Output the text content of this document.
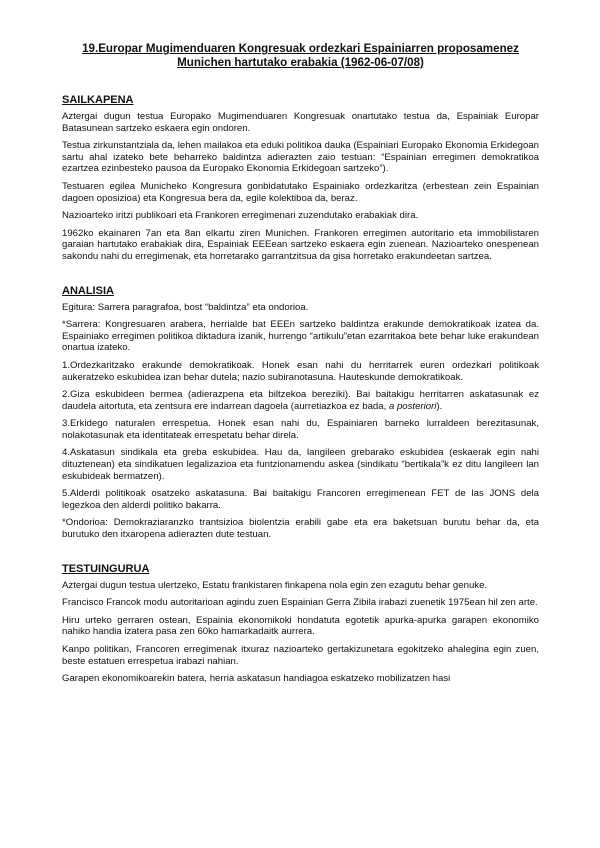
19.Europar Mugimenduaren Kongresuak ordezkari Espainiarren proposamenez
Munichen hartutako erabakia (1962-06-07/08)
SAILKAPENA

Aztergai dugun testua Europako Mugimenduaren Kongresuak onartutako testua da, Espainiak Europar Batasunean sartzeko eskaera egin ondoren.

Testua zirkunstantziala da, lehen mailakoa eta eduki politikoa dauka (Espainiari Europako Ekonomia Erkidegoan sartu ahal izateko bete beharreko baldintza adierazten zaio testuan: “Espainian erregimen demokratikoa ezartzea ezinbesteko pausoa da Europako Ekonomia Erkidegoan sartzeko”).

Testuaren egilea Municheko Kongresura gonbidatutako Espainiako ordezkaritza (erbestean zein Espainian dagoen oposizioa) eta Kongresua bera da, egile kolektiboa da, beraz.

Nazioarteko iritzi publikoari eta Frankoren erregimenari zuzendutako erabakiak dira.

1962ko ekainaren 7an eta 8an elkartu ziren Munichen. Frankoren erregimen autoritario eta immobilistaren garaian hartutako erabakiak dira, Espainiak EEEean sartzeko eskaera egin zuenean. Nazioarteko onespenean sakondu nahi du erregimenak, eta horretarako garrantzitsua da gisa horretako erakundeetan sartzea.

ANALISIA

Egitura: Sarrera paragrafoa, bost “baldintza” eta ondorioa.

*Sarrera: Kongresuaren arabera, herrialde bat EEEn sartzeko baldintza erakunde demokratikoak izatea da. Espainiako erregimen politikoa diktadura izanik, hurrengo “artikulu”etan ezarritakoa bete behar luke erakundean onartua izateko.

1.Ordezkaritzako erakunde demokratikoak. Honek esan nahi du herritarrek euren ordezkari politikoak aukeratzeko eskubidea izan behar dutela; nazio subiranotasuna. Hauteskunde demokratikoak.

2.Giza eskubideen bermea (adierazpena eta biltzekoa bereziki). Bai baitakigu herritarren askatasunak ez daudela aitortuta, eta zentsura ere indarrean dagoela (aurretiazkoa ez bada, a posteriori).

3.Erkidego naturalen errespetua. Honek esan nahi du, Espainiaren barneko lurraldeen berezitasunak, nolakotasunak eta identitateak errespetatu behar direla.

4.Askatasun sindikala eta greba eskubidea. Hau da, langileen grebarako eskubidea (eskaerak egin nahi dituztenean) eta sindikatuen legalizazioa eta funtzionamendu askea (sindikatu “bertikala”k ez ditu langileen lan eskubideak bermatzen).

5.Alderdi politikoak osatzeko askatasuna. Bai baitakigu Francoren erregimenean FET de las JONS dela legezkoa den alderdi politiko bakarra.

*Ondorioa: Demokraziaranzko trantsizioa biolentzia erabili gabe eta era baketsuan burutu behar da, eta burutuko den itxaropena adierazten dute testuan.

TESTUINGURUA

Aztergai dugun testua ulertzeko, Estatu frankistaren finkapena nola egin zen ezagutu behar genuke.

Francisco Francok modu autoritarioan agindu zuen Espainian Gerra Zibila irabazi zuenetik 1975ean hil zen arte.

Hiru urteko gerraren ostean, Espainia ekonomikoki hondatuta egotetik apurka-apurka garapen ekonomiko nahiko handia izatera pasa zen 60ko hamarkadaitk aurrera.

Kanpo politikan, Francoren erregimenak itxuraz nazioarteko gertakizunetara egokitzeko ahalegina egin zuen, beste estatuen errespetua irabazi nahian.

Garapen ekonomikoarekin batera, herria askatasun handiagoa eskatzeko mobilizatzen hasi
